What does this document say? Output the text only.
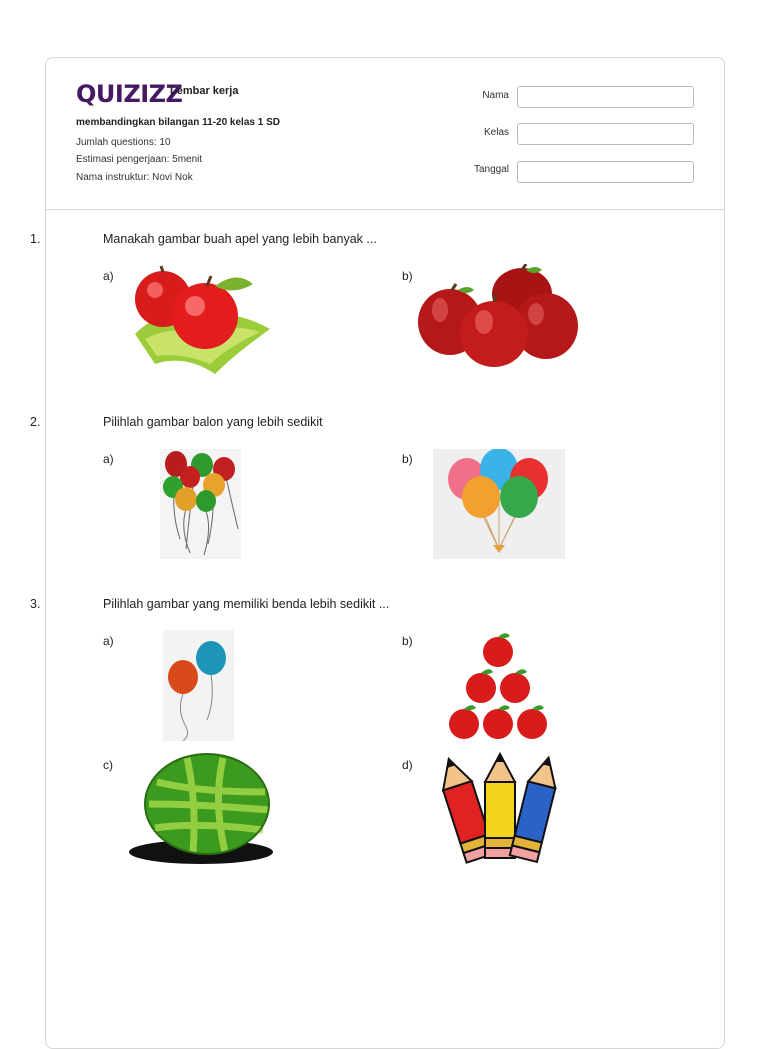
QUIZIZZ
Lembar kerja
membandingkan bilangan 11-20 kelas 1 SD
Jumlah questions: 10
Estimasi pengerjaan: 5menit
Nama instruktur: Novi Nok
Nama
Kelas
Tanggal
1.	Manakah gambar buah apel yang lebih banyak ...
a)	b)
2.	Pilihlah gambar balon yang lebih sedikit
a)	b)
3.	Pilihlah gambar yang memiliki benda lebih sedikit ...
a)	b)
c)	d)
